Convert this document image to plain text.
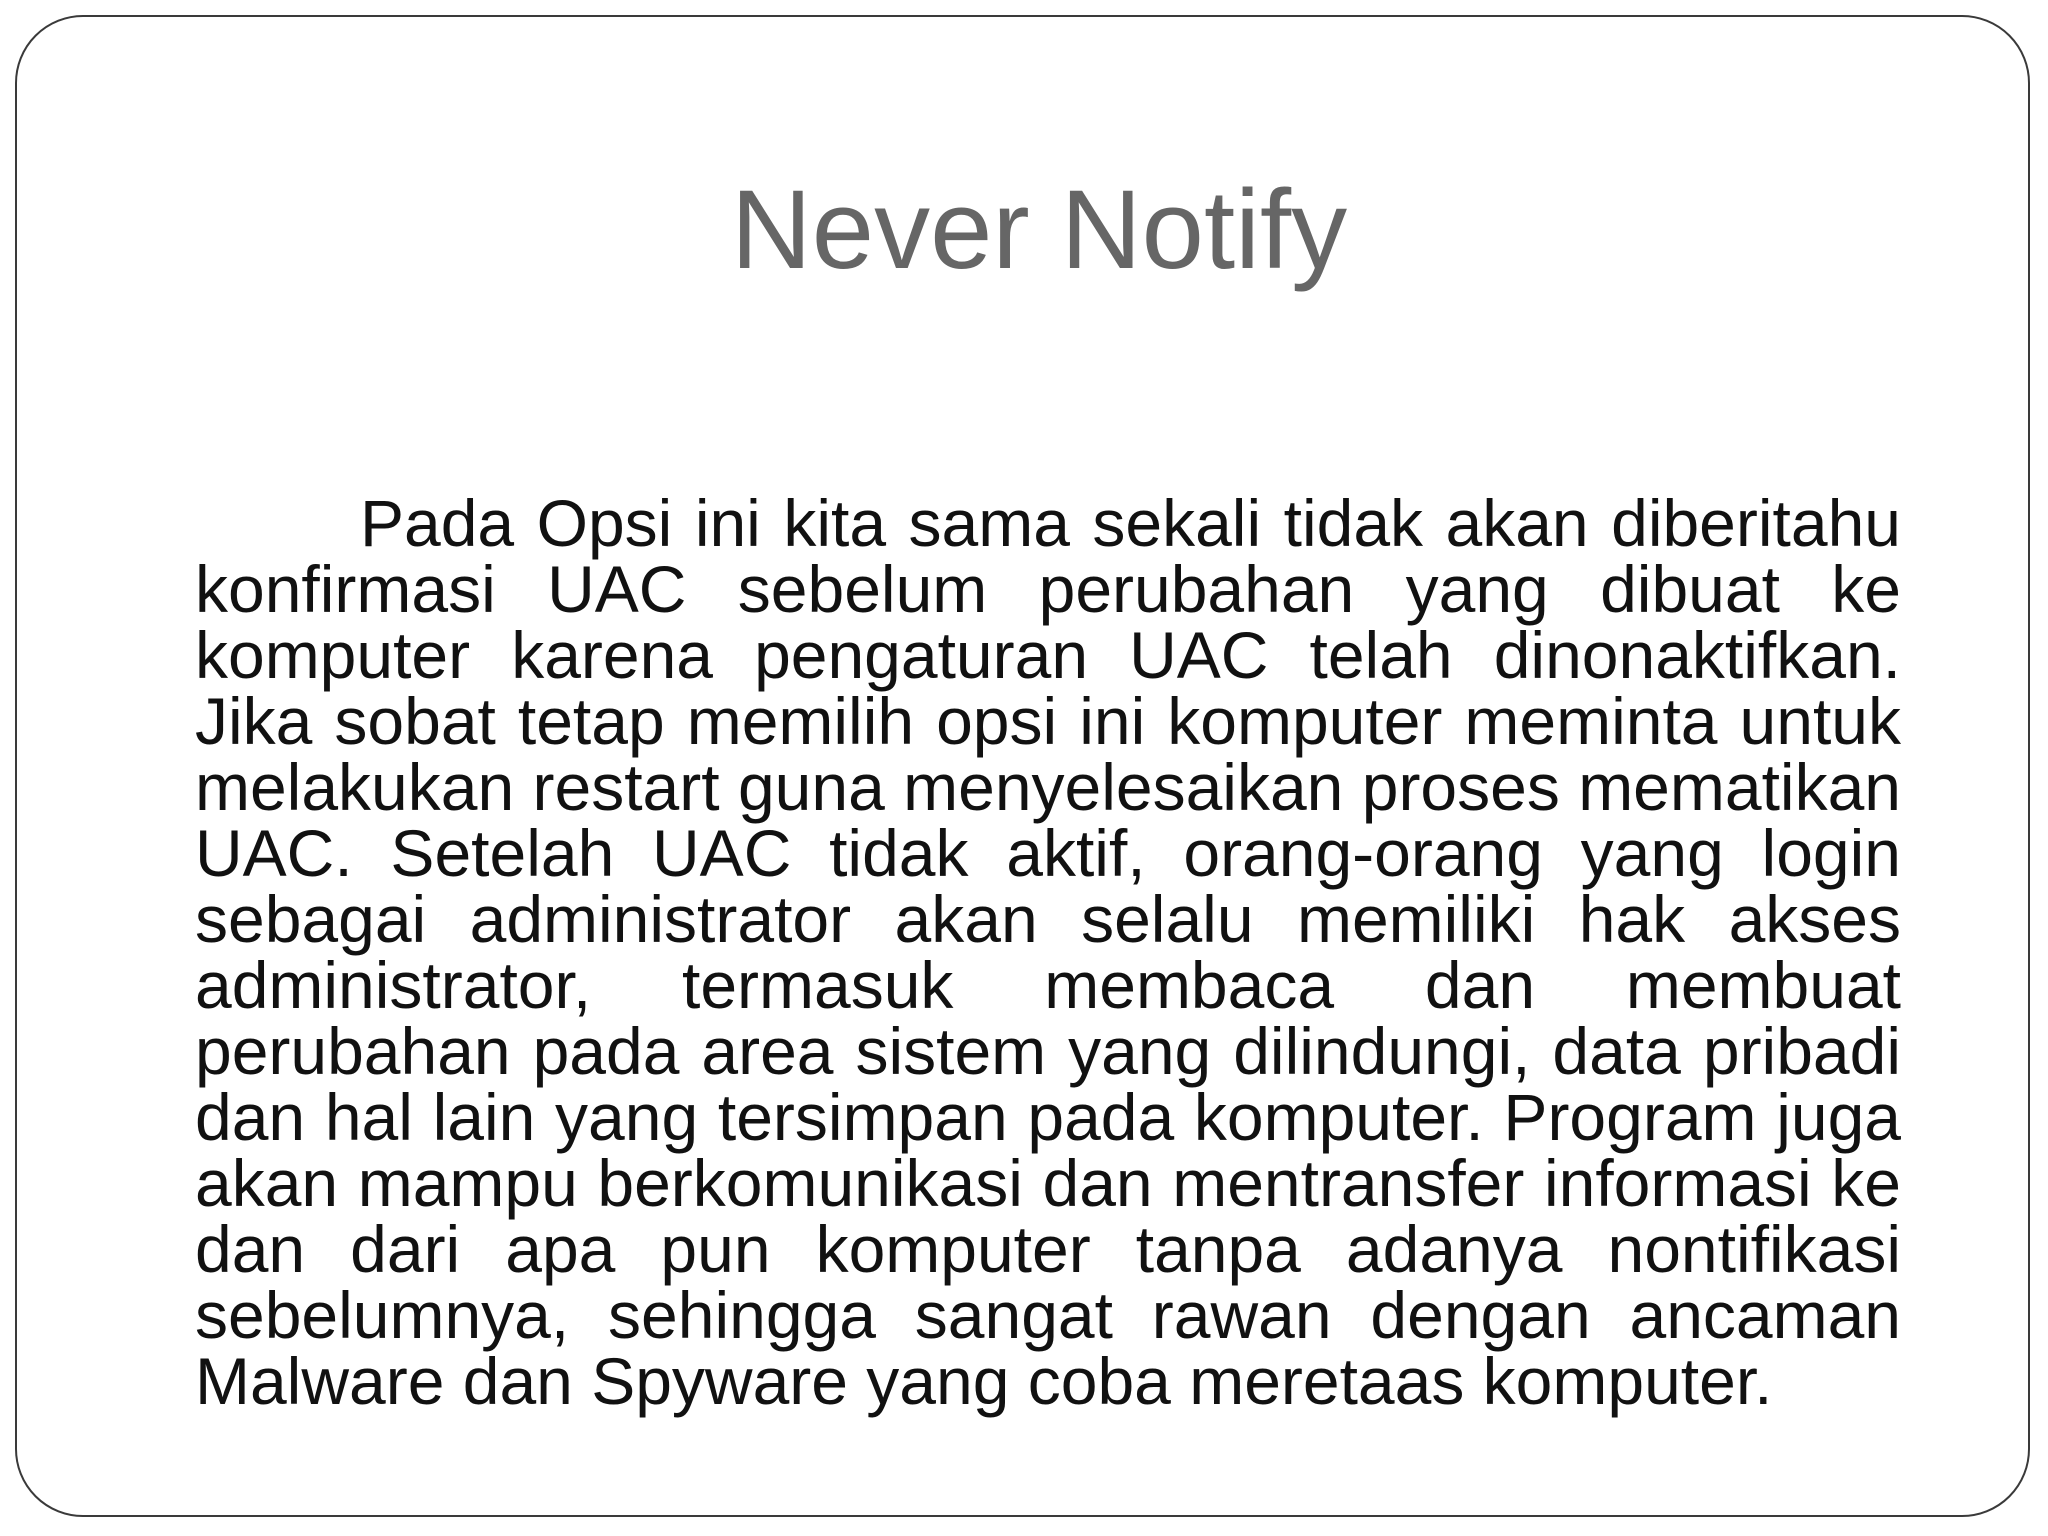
Never Notify

Pada Opsi ini kita sama sekali tidak akan diberitahu konfirmasi UAC sebelum perubahan yang dibuat ke komputer karena pengaturan UAC telah dinonaktifkan. Jika sobat tetap memilih opsi ini komputer meminta untuk melakukan restart guna menyelesaikan proses mematikan UAC. Setelah UAC tidak aktif, orang-orang yang login sebagai administrator akan selalu memiliki hak akses administrator, termasuk membaca dan membuat perubahan pada area sistem yang dilindungi, data pribadi dan hal lain yang tersimpan pada komputer. Program juga akan mampu berkomunikasi dan mentransfer informasi ke dan dari apa pun komputer tanpa adanya nontifikasi sebelumnya, sehingga sangat rawan dengan ancaman Malware dan Spyware yang coba meretaas komputer.
